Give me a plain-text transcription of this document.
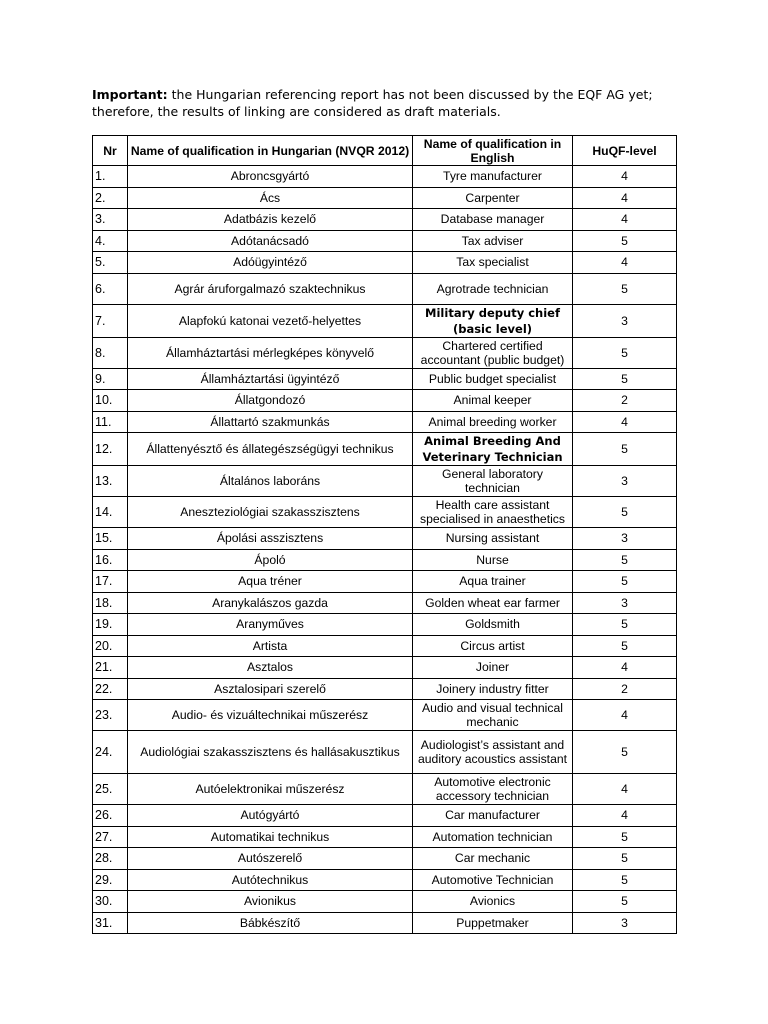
Important: the Hungarian referencing report has not been discussed by the EQF AG yet; therefore, the results of linking are considered as draft materials.
Nr	Name of qualification in Hungarian (NVQR 2012)	Name of qualification in English	HuQF-level
1.	Abroncsgyártó	Tyre manufacturer	4
2.	Ács	Carpenter	4
3.	Adatbázis kezelő	Database manager	4
4.	Adótanácsadó	Tax adviser	5
5.	Adóügyintéző	Tax specialist	4
6.	Agrár áruforgalmazó szaktechnikus	Agrotrade technician	5
7.	Alapfokú katonai vezető-helyettes	Military deputy chief (basic level)	3
8.	Államháztartási mérlegképes könyvelő	Chartered certified accountant (public budget)	5
9.	Államháztartási ügyintéző	Public budget specialist	5
10.	Állatgondozó	Animal keeper	2
11.	Állattartó szakmunkás	Animal breeding worker	4
12.	Állattenyésztő és állategészségügyi technikus	Animal Breeding And Veterinary Technician	5
13.	Általános laboráns	General laboratory technician	3
14.	Aneszteziológiai szakasszisztens	Health care assistant specialised in anaesthetics	5
15.	Ápolási asszisztens	Nursing assistant	3
16.	Ápoló	Nurse	5
17.	Aqua tréner	Aqua trainer	5
18.	Aranykalászos gazda	Golden wheat ear farmer	3
19.	Aranyműves	Goldsmith	5
20.	Artista	Circus artist	5
21.	Asztalos	Joiner	4
22.	Asztalosipari szerelő	Joinery industry fitter	2
23.	Audio- és vizuáltechnikai műszerész	Audio and visual technical mechanic	4
24.	Audiológiai szakasszisztens és hallásakusztikus	Audiologist’s assistant and auditory acoustics assistant	5
25.	Autóelektronikai műszerész	Automotive electronic accessory technician	4
26.	Autógyártó	Car manufacturer	4
27.	Automatikai technikus	Automation technician	5
28.	Autószerelő	Car mechanic	5
29.	Autótechnikus	Automotive Technician	5
30.	Avionikus	Avionics	5
31.	Bábkészítő	Puppetmaker	3
